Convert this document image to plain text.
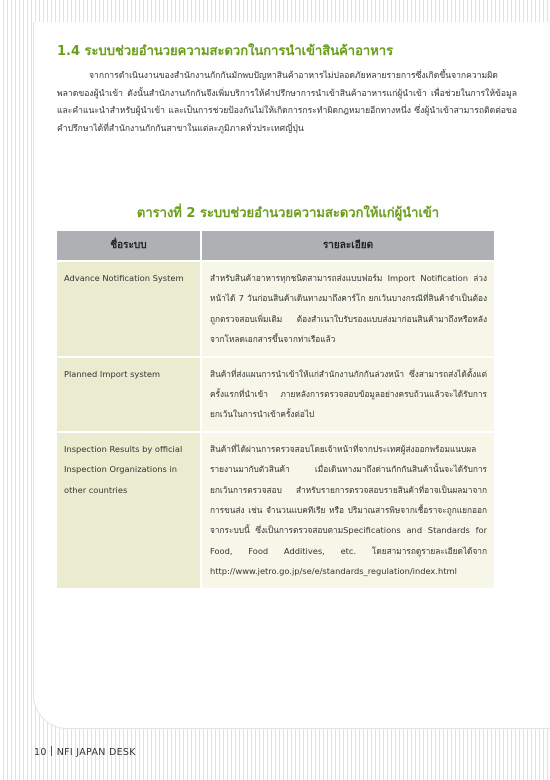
1.4 ระบบช่วยอำนวยความสะดวกในการนำเข้าสินค้าอาหาร
จากการดำเนินงานของสำนักงานกักกันมักพบปัญหาสินค้าอาหารไม่ปลอดภัยหลายรายการซึ่งเกิดขึ้นจากความผิดพลาดของผู้นำเข้า ดังนั้นสำนักงานกักกันจึงเพิ่มบริการให้คำปรึกษาการนำเข้าสินค้าอาหารแก่ผู้นำเข้า เพื่อช่วยในการให้ข้อมูลและคำแนะนำสำหรับผู้นำเข้า และเป็นการช่วยป้องกันไม่ให้เกิดการกระทำผิดกฎหมายอีกทางหนึ่ง ซึ่งผู้นำเข้าสามารถติดต่อขอคำปรึกษาได้ที่สำนักงานกักกันสาขาในแต่ละภูมิภาคทั่วประเทศญี่ปุ่น
ตารางที่ 2 ระบบช่วยอำนวยความสะดวกให้แก่ผู้นำเข้า
ชื่อระบบ	รายละเอียด
Advance Notification System	สำหรับสินค้าอาหารทุกชนิดสามารถส่งแบบฟอร์ม Import Notification ล่วงหน้าได้ 7 วันก่อนสินค้าเดินทางมาถึงคาร์โก ยกเว้นบางกรณีที่สินค้าจำเป็นต้องถูกตรวจสอบเพิ่มเติม ต้องสำเนาใบรับรองแบบส่งมาก่อนสินค้ามาถึงหรือหลังจากโหลดเอกสารขึ้นจากท่าเรือแล้ว
Planned Import system	สินค้าที่ส่งแผนการนำเข้าให้แก่สำนักงานกักกันล่วงหน้า ซึ่งสามารถส่งได้ตั้งแต่ครั้งแรกที่นำเข้า ภายหลังการตรวจสอบข้อมูลอย่างครบถ้วนแล้วจะได้รับการยกเว้นในการนำเข้าครั้งต่อไป
Inspection Results by official Inspection Organizations in other countries	สินค้าที่ได้ผ่านการตรวจสอบโดยเจ้าหน้าที่จากประเทศผู้ส่งออกพร้อมแนบผลรายงานมากับตัวสินค้า เมื่อเดินทางมาถึงด่านกักกันสินค้านั้นจะได้รับการยกเว้นการตรวจสอบ สำหรับรายการตรวจสอบรายสินค้าที่อาจเป็นผลมาจากการขนส่ง เช่น จำนวนแบคทีเรีย หรือ ปริมาณสารพิษจากเชื้อราจะถูกแยกออกจากระบบนี้ ซึ่งเป็นการตรวจสอบตามSpecifications and Standards for Food, Food Additives, etc. โดยสามารถดูรายละเอียดได้จาก http://www.jetro.go.jp/se/e/standards_regulation/index.html
10 NFI JAPAN DESK
